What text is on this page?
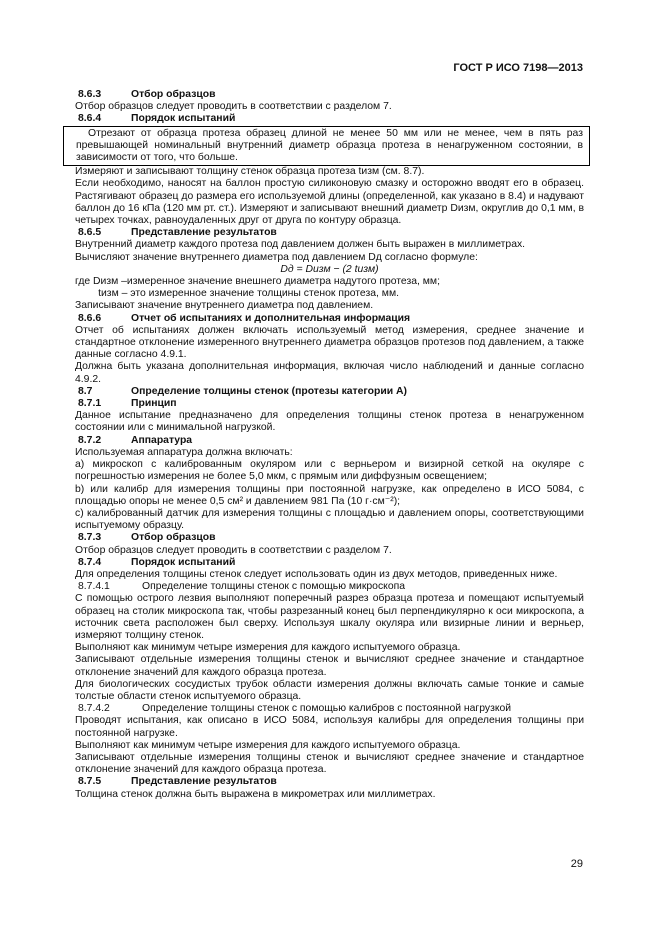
ГОСТ Р ИСО 7198—2013
8.6.3	Отбор образцов
Отбор образцов следует проводить в соответствии с разделом 7.
8.6.4	Порядок испытаний
Отрезают от образца протеза образец длиной не менее 50 мм или не менее, чем в пять раз превышающей номинальный внутренний диаметр образца протеза в ненагруженном состоянии, в зависимости от того, что больше.
Измеряют и записывают толщину стенок образца протеза tизм (см. 8.7).
Если необходимо, наносят на баллон простую силиконовую смазку и осторожно вводят его в образец. Растягивают образец до размера его используемой длины (определенной, как указано в 8.4) и надувают баллон до 16 кПа (120 мм рт. ст.). Измеряют и записывают внешний диаметр Dизм, округлив до 0,1 мм, в четырех точках, равноудаленных друг от друга по контуру образца.
8.6.5	Представление результатов
Внутренний диаметр каждого протеза под давлением должен быть выражен в миллиметрах.
Вычисляют значение внутреннего диаметра под давлением Dд согласно формуле:
Dд = Dизм − (2 tизм)
где Dизм –измеренное значение внешнего диаметра надутого протеза, мм;
tизм – это измеренное значение толщины стенок протеза, мм.
Записывают значение внутреннего диаметра под давлением.
8.6.6	Отчет об испытаниях и дополнительная информация
Отчет об испытаниях должен включать используемый метод измерения, среднее значение и стандартное отклонение измеренного внутреннего диаметра образцов протезов под давлением, а также данные согласно 4.9.1.
Должна быть указана дополнительная информация, включая число наблюдений и данные согласно 4.9.2.
8.7	Определение толщины стенок (протезы категории А)
8.7.1	Принцип
Данное испытание предназначено для определения толщины стенок протеза в ненагруженном состоянии или с минимальной нагрузкой.
8.7.2	Аппаратура
Используемая аппаратура должна включать:
а) микроскоп с калиброванным окуляром или с верньером и визирной сеткой на окуляре с погрешностью измерения не более 5,0 мкм, с прямым или диффузным освещением;
b) или калибр для измерения толщины при постоянной нагрузке, как определено в ИСО 5084, с площадью опоры не менее 0,5 см² и давлением 981 Па (10 г·см⁻²);
с) калиброванный датчик для измерения толщины с площадью и давлением опоры, соответствующими испытуемому образцу.
8.7.3	Отбор образцов
Отбор образцов следует проводить в соответствии с разделом 7.
8.7.4	Порядок испытаний
Для определения толщины стенок следует использовать один из двух методов, приведенных ниже.
8.7.4.1	Определение толщины стенок с помощью микроскопа
С помощью острого лезвия выполняют поперечный разрез образца протеза и помещают испытуемый образец на столик микроскопа так, чтобы разрезанный конец был перпендикулярно к оси микроскопа, а источник света расположен был сверху. Используя шкалу окуляра или визирные линии и верньер, измеряют толщину стенок.
Выполняют как минимум четыре измерения для каждого испытуемого образца.
Записывают отдельные измерения толщины стенок и вычисляют среднее значение и стандартное отклонение значений для каждого образца протеза.
Для биологических сосудистых трубок области измерения должны включать самые тонкие и самые толстые области стенок испытуемого образца.
8.7.4.2	Определение толщины стенок с помощью калибров с постоянной нагрузкой
Проводят испытания, как описано в ИСО 5084, используя калибры для определения толщины при постоянной нагрузке.
Выполняют как минимум четыре измерения для каждого испытуемого образца.
Записывают отдельные измерения толщины стенок и вычисляют среднее значение и стандартное отклонение значений для каждого образца протеза.
8.7.5	Представление результатов
Толщина стенок должна быть выражена в микрометрах или миллиметрах.
29
